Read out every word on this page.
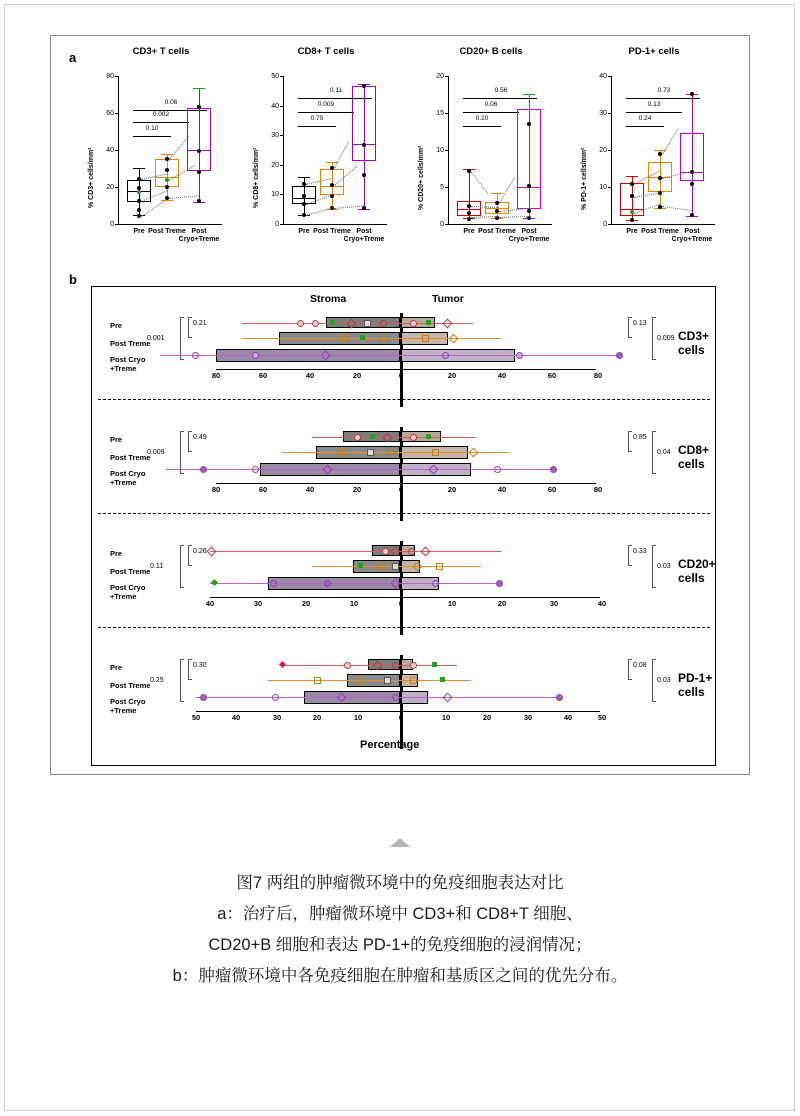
a	CD3+ T cells
% CD3+ cells/mm²
0
20
40
60
80
0.06
0.002
0.10
Pre Post Treme Post Cryo+Treme
CD8+ T cells
% CD8+ cells/mm²
0
10
20
30
40
50
0.11
0.009
0.75
Pre Post Treme Post Cryo+Treme
CD20+ B cells
% CD20+ cells/mm²
0
5
10
15
20
0.56
0.06
0.20
Pre Post Treme Post Cryo+Treme
PD-1+ cells
% PD-1+ cells/mm²
0
10
20
30
40
0.73
0.13
0.24
Pre Post Treme Post Cryo+Treme
b
Stroma	Tumor
Pre
Post Treme
Post Cryo +Treme
0.21
0.001
80	60	40	20	0	20	40	60	80
0.13
0.009 CD3+ cells
Pre
Post Treme
Post Cryo +Treme
0.49
0.009
80	60	40	20	0	20	40	60	80
0.85
0.04 CD8+ cells
Pre
Post Treme
Post Cryo +Treme
0.26
0.11
40	30	20	10	0	10	20	30	40
0.33
0.03 CD20+ cells
Pre
Post Treme
Post Cryo +Treme
0.30
0.25
50	40	30	20	10	0	10	20	30	40	50
0.08
0.03 PD-1+ cells
Percentage
图7 两组的肿瘤微环境中的免疫细胞表达对比
a：治疗后，肿瘤微环境中 CD3+和 CD8+T 细胞、
CD20+B 细胞和表达 PD-1+的免疫细胞的浸润情况；
b：肿瘤微环境中各免疫细胞在肿瘤和基质区之间的优先分布。
